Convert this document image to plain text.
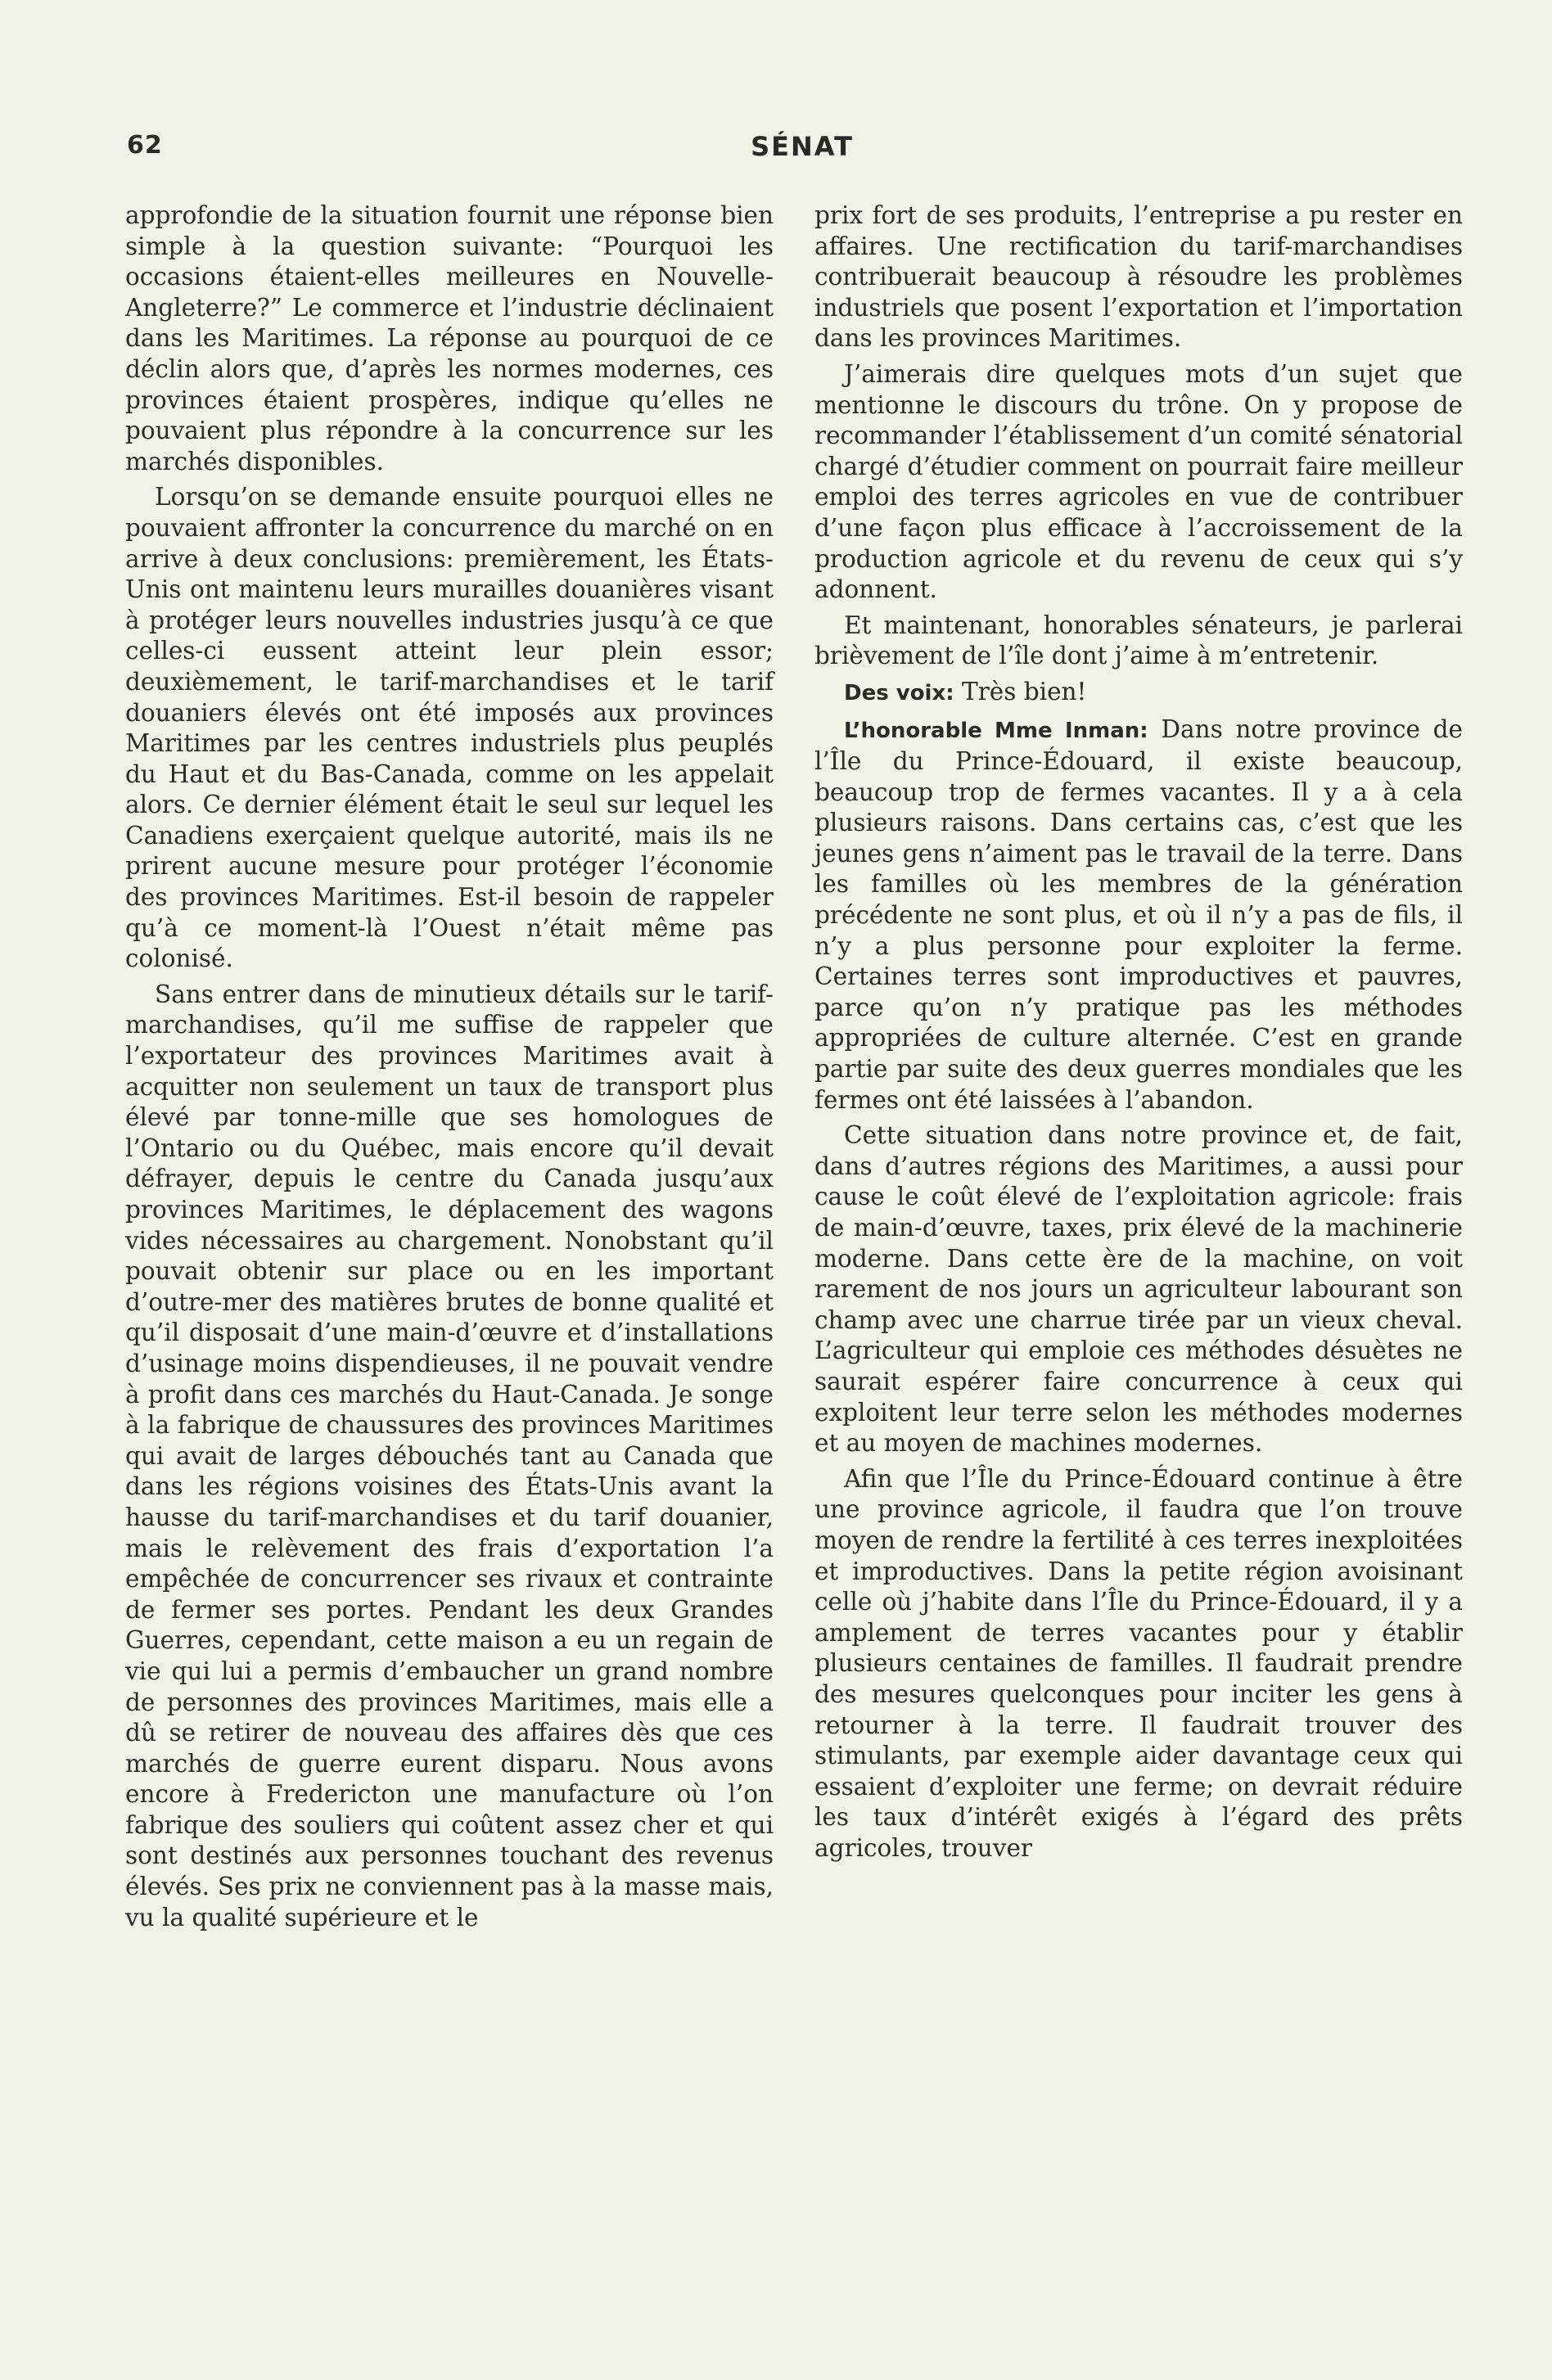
62	SÉNAT

approfondie de la situation fournit une réponse bien simple à la question suivante: “Pourquoi les occasions étaient-elles meilleures en Nouvelle-Angleterre?” Le commerce et l’industrie déclinaient dans les Maritimes. La réponse au pourquoi de ce déclin alors que, d’après les normes modernes, ces provinces étaient prospères, indique qu’elles ne pouvaient plus répondre à la concurrence sur les marchés disponibles.

Lorsqu’on se demande ensuite pourquoi elles ne pouvaient affronter la concurrence du marché on en arrive à deux conclusions: premièrement, les États-Unis ont maintenu leurs murailles douanières visant à protéger leurs nouvelles industries jusqu’à ce que celles-ci eussent atteint leur plein essor; deuxièmement, le tarif-marchandises et le tarif douaniers élevés ont été imposés aux provinces Maritimes par les centres industriels plus peuplés du Haut et du Bas-Canada, comme on les appelait alors. Ce dernier élément était le seul sur lequel les Canadiens exerçaient quelque autorité, mais ils ne prirent aucune mesure pour protéger l’économie des provinces Maritimes. Est-il besoin de rappeler qu’à ce moment-là l’Ouest n’était même pas colonisé.

Sans entrer dans de minutieux détails sur le tarif-marchandises, qu’il me suffise de rappeler que l’exportateur des provinces Maritimes avait à acquitter non seulement un taux de transport plus élevé par tonne-mille que ses homologues de l’Ontario ou du Québec, mais encore qu’il devait défrayer, depuis le centre du Canada jusqu’aux provinces Maritimes, le déplacement des wagons vides nécessaires au chargement. Nonobstant qu’il pouvait obtenir sur place ou en les important d’outre-mer des matières brutes de bonne qualité et qu’il disposait d’une main-d’œuvre et d’installations d’usinage moins dispendieuses, il ne pouvait vendre à profit dans ces marchés du Haut-Canada. Je songe à la fabrique de chaussures des provinces Maritimes qui avait de larges débouchés tant au Canada que dans les régions voisines des États-Unis avant la hausse du tarif-marchandises et du tarif douanier, mais le relèvement des frais d’exportation l’a empêchée de concurrencer ses rivaux et contrainte de fermer ses portes. Pendant les deux Grandes Guerres, cependant, cette maison a eu un regain de vie qui lui a permis d’embaucher un grand nombre de personnes des provinces Maritimes, mais elle a dû se retirer de nouveau des affaires dès que ces marchés de guerre eurent disparu. Nous avons encore à Fredericton une manufacture où l’on fabrique des souliers qui coûtent assez cher et qui sont destinés aux personnes touchant des revenus élevés. Ses prix ne conviennent pas à la masse mais, vu la qualité supérieure et le

prix fort de ses produits, l’entreprise a pu rester en affaires. Une rectification du tarif-marchandises contribuerait beaucoup à résoudre les problèmes industriels que posent l’exportation et l’importation dans les provinces Maritimes.

J’aimerais dire quelques mots d’un sujet que mentionne le discours du trône. On y propose de recommander l’établissement d’un comité sénatorial chargé d’étudier comment on pourrait faire meilleur emploi des terres agricoles en vue de contribuer d’une façon plus efficace à l’accroissement de la production agricole et du revenu de ceux qui s’y adonnent.

Et maintenant, honorables sénateurs, je parlerai brièvement de l’île dont j’aime à m’entretenir.

Des voix: Très bien!

L’honorable Mme Inman: Dans notre province de l’Île du Prince-Édouard, il existe beaucoup, beaucoup trop de fermes vacantes. Il y a à cela plusieurs raisons. Dans certains cas, c’est que les jeunes gens n’aiment pas le travail de la terre. Dans les familles où les membres de la génération précédente ne sont plus, et où il n’y a pas de fils, il n’y a plus personne pour exploiter la ferme. Certaines terres sont improductives et pauvres, parce qu’on n’y pratique pas les méthodes appropriées de culture alternée. C’est en grande partie par suite des deux guerres mondiales que les fermes ont été laissées à l’abandon.

Cette situation dans notre province et, de fait, dans d’autres régions des Maritimes, a aussi pour cause le coût élevé de l’exploitation agricole: frais de main-d’œuvre, taxes, prix élevé de la machinerie moderne. Dans cette ère de la machine, on voit rarement de nos jours un agriculteur labourant son champ avec une charrue tirée par un vieux cheval. L’agriculteur qui emploie ces méthodes désuètes ne saurait espérer faire concurrence à ceux qui exploitent leur terre selon les méthodes modernes et au moyen de machines modernes.

Afin que l’Île du Prince-Édouard continue à être une province agricole, il faudra que l’on trouve moyen de rendre la fertilité à ces terres inexploitées et improductives. Dans la petite région avoisinant celle où j’habite dans l’Île du Prince-Édouard, il y a amplement de terres vacantes pour y établir plusieurs centaines de familles. Il faudrait prendre des mesures quelconques pour inciter les gens à retourner à la terre. Il faudrait trouver des stimulants, par exemple aider davantage ceux qui essaient d’exploiter une ferme; on devrait réduire les taux d’intérêt exigés à l’égard des prêts agricoles, trouver
